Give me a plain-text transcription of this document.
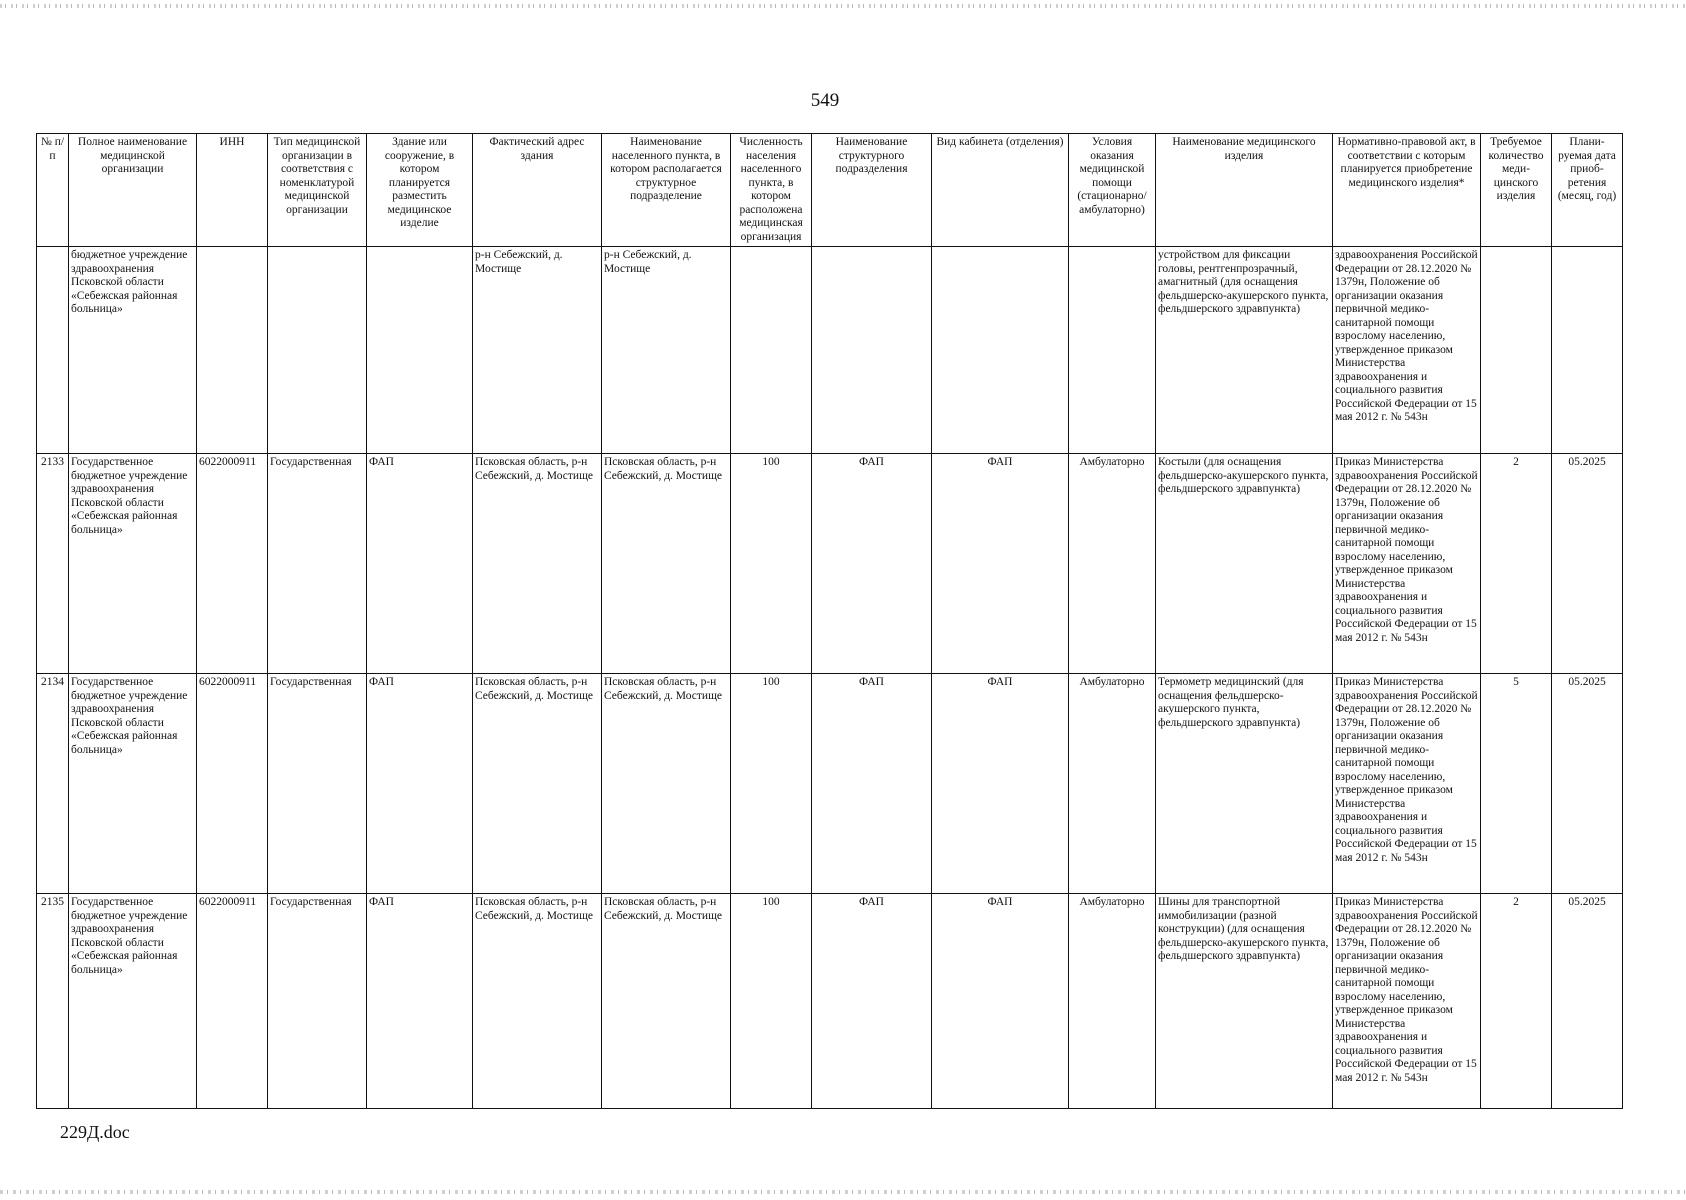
549
№ п/п	Полное наименование медицинской организации	ИНН	Тип медицинской организации в соответствия с номенклатурой медицинской организации	Здание или сооружение, в котором планируется разместить медицинское изделие	Фактический адрес здания	Наименование населенного пункта, в котором располагается структурное подразделение	Численность населения населенного пункта, в котором расположена медицинская организация	Наименование структурного подразделения	Вид кабинета (отделения)	Условия оказания медицинской помощи (стационарно/ амбулаторно)	Наименование медицинского изделия	Нормативно-правовой акт, в соответствии с которым планируется приобретение медицинского изделия*	Требуемое количество меди-цинского изделия	Плани-руемая дата приоб-ретения (месяц, год)
	бюджетное учреждение здравоохранения Псковской области «Себежская районная больница»				р-н Себежский, д. Мостище	р-н Себежский, д. Мостище					устройством для фиксации головы, рентгенпрозрачный, амагнитный (для оснащения фельдшерско-акушерского пункта, фельдшерского здравпункта)	здравоохранения Российской Федерации от 28.12.2020 № 1379н, Положение об организации оказания первичной медико-санитарной помощи взрослому населению, утвержденное приказом Министерства здравоохранения и социального развития Российской Федерации от 15 мая 2012 г. № 543н		
2133	Государственное бюджетное учреждение здравоохранения Псковской области «Себежская районная больница»	6022000911	Государственная	ФАП	Псковская область, р-н Себежский, д. Мостище	Псковская область, р-н Себежский, д. Мостище	100	ФАП	ФАП	Амбулаторно	Костыли (для оснащения фельдшерско-акушерского пункта, фельдшерского здравпункта)	Приказ Министерства здравоохранения Российской Федерации от 28.12.2020 № 1379н, Положение об организации оказания первичной медико-санитарной помощи взрослому населению, утвержденное приказом Министерства здравоохранения и социального развития Российской Федерации от 15 мая 2012 г. № 543н	2	05.2025
2134	Государственное бюджетное учреждение здравоохранения Псковской области «Себежская районная больница»	6022000911	Государственная	ФАП	Псковская область, р-н Себежский, д. Мостище	Псковская область, р-н Себежский, д. Мостище	100	ФАП	ФАП	Амбулаторно	Термометр медицинский (для оснащения фельдшерско-акушерского пункта, фельдшерского здравпункта)	Приказ Министерства здравоохранения Российской Федерации от 28.12.2020 № 1379н, Положение об организации оказания первичной медико-санитарной помощи взрослому населению, утвержденное приказом Министерства здравоохранения и социального развития Российской Федерации от 15 мая 2012 г. № 543н	5	05.2025
2135	Государственное бюджетное учреждение здравоохранения Псковской области «Себежская районная больница»	6022000911	Государственная	ФАП	Псковская область, р-н Себежский, д. Мостище	Псковская область, р-н Себежский, д. Мостище	100	ФАП	ФАП	Амбулаторно	Шины для транспортной иммобилизации (разной конструкции) (для оснащения фельдшерско-акушерского пункта, фельдшерского здравпункта)	Приказ Министерства здравоохранения Российской Федерации от 28.12.2020 № 1379н, Положение об организации оказания первичной медико-санитарной помощи взрослому населению, утвержденное приказом Министерства здравоохранения и социального развития Российской Федерации от 15 мая 2012 г. № 543н	2	05.2025
229Д.doc
